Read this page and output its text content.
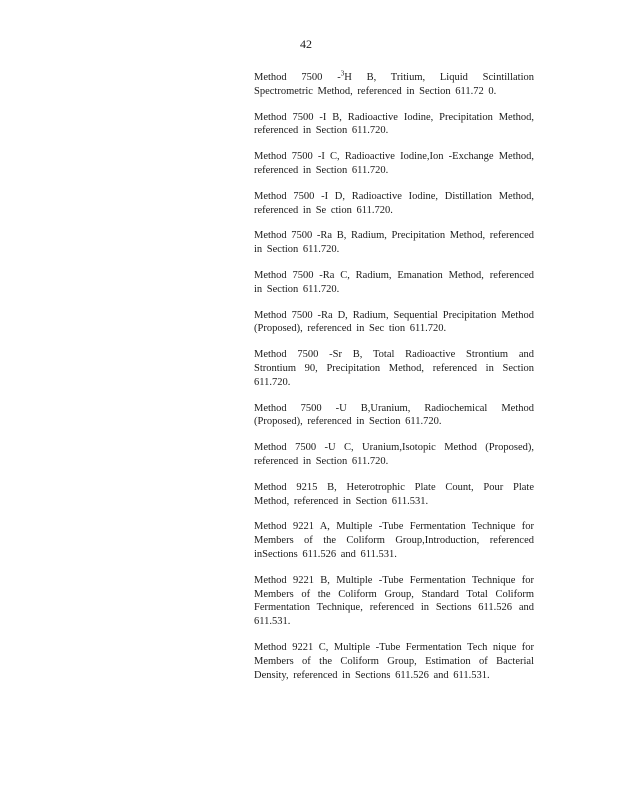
42

Method 7500 -$^3$H B, Tritium, Liquid Scintillation Spectrometric Method, referenced in Section 611.72 0.

Method 7500 -I B, Radioactive Iodine, Precipitation Method, referenced in Section 611.720.

Method 7500 -I C, Radioactive Iodine,Ion -Exchange Method, referenced in Section 611.720.

Method 7500 -I D, Radioactive Iodine, Distillation Method, referenced in Se ction 611.720.

Method 7500 -Ra B, Radium, Precipitation Method, referenced in Section 611.720.

Method 7500 -Ra C, Radium, Emanation Method, referenced in Section 611.720.

Method 7500 -Ra D, Radium, Sequential Precipitation Method (Proposed), referenced in Sec tion 611.720.

Method 7500 -Sr B, Total Radioactive Strontium and Strontium 90, Precipitation Method, referenced in Section 611.720.

Method 7500 -U B,Uranium, Radiochemical Method (Proposed), referenced in Section 611.720.

Method 7500 -U C, Uranium,Isotopic Method (Proposed), referenced in Section 611.720.

Method 9215 B, Heterotrophic Plate Count, Pour Plate Method, referenced in Section 611.531.

Method 9221 A, Multiple -Tube Fermentation Technique for Members of the Coliform Group,Introduction, referenced inSections 611.526 and 611.531.

Method 9221 B, Multiple -Tube Fermentation Technique for Members of the Coliform Group, Standard Total Coliform Fermentation Technique, referenced in Sections 611.526 and 611.531.

Method 9221 C, Multiple -Tube Fermentation Tech nique for Members of the Coliform Group, Estimation of Bacterial Density, referenced in Sections 611.526 and 611.531.
